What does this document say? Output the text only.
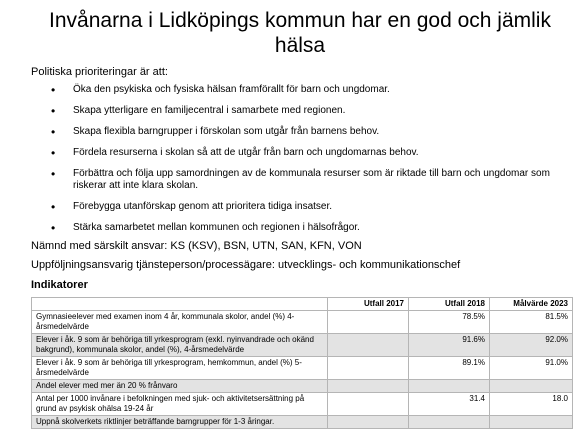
Invånarna i Lidköpings kommun har en god och jämlik hälsa

Politiska prioriteringar är att:

• Öka den psykiska och fysiska hälsan framförallt för barn och ungdomar.
• Skapa ytterligare en familjecentral i samarbete med regionen.
• Skapa flexibla barngrupper i förskolan som utgår från barnens behov.
• Fördela resurserna i skolan så att de utgår från barn och ungdomarnas behov.
• Förbättra och följa upp samordningen av de kommunala resurser som är riktade till barn och ungdomar som riskerar att inte klara skolan.
• Förebygga utanförskap genom att prioritera tidiga insatser.
• Stärka samarbetet mellan kommunen och regionen i hälsofrågor.

Nämnd med särskilt ansvar: KS (KSV), BSN, UTN, SAN, KFN, VON

Uppföljningsansvarig tjänsteperson/processägare: utvecklings- och kommunikationschef

Indikatorer

	Utfall 2017	Utfall 2018	Målvärde 2023
Gymnasieelever med examen inom 4 år, kommunala skolor, andel (%) 4-årsmedelvärde		78.5%	81.5%
Elever i åk. 9 som är behöriga till yrkesprogram (exkl. nyinvandrade och okänd bakgrund), kommunala skolor, andel (%), 4-årsmedelvärde		91.6%	92.0%
Elever i åk. 9 som är behöriga till yrkesprogram, hemkommun, andel (%) 5-årsmedelvärde		89.1%	91.0%
Andel elever med mer än 20 % frånvaro			
Antal per 1000 invånare i befolkningen med sjuk- och aktivitetsersättning på grund av psykisk ohälsa 19-24 år		31.4	18.0
Uppnå skolverkets riktlinjer beträffande barngrupper för 1-3 åringar.			
